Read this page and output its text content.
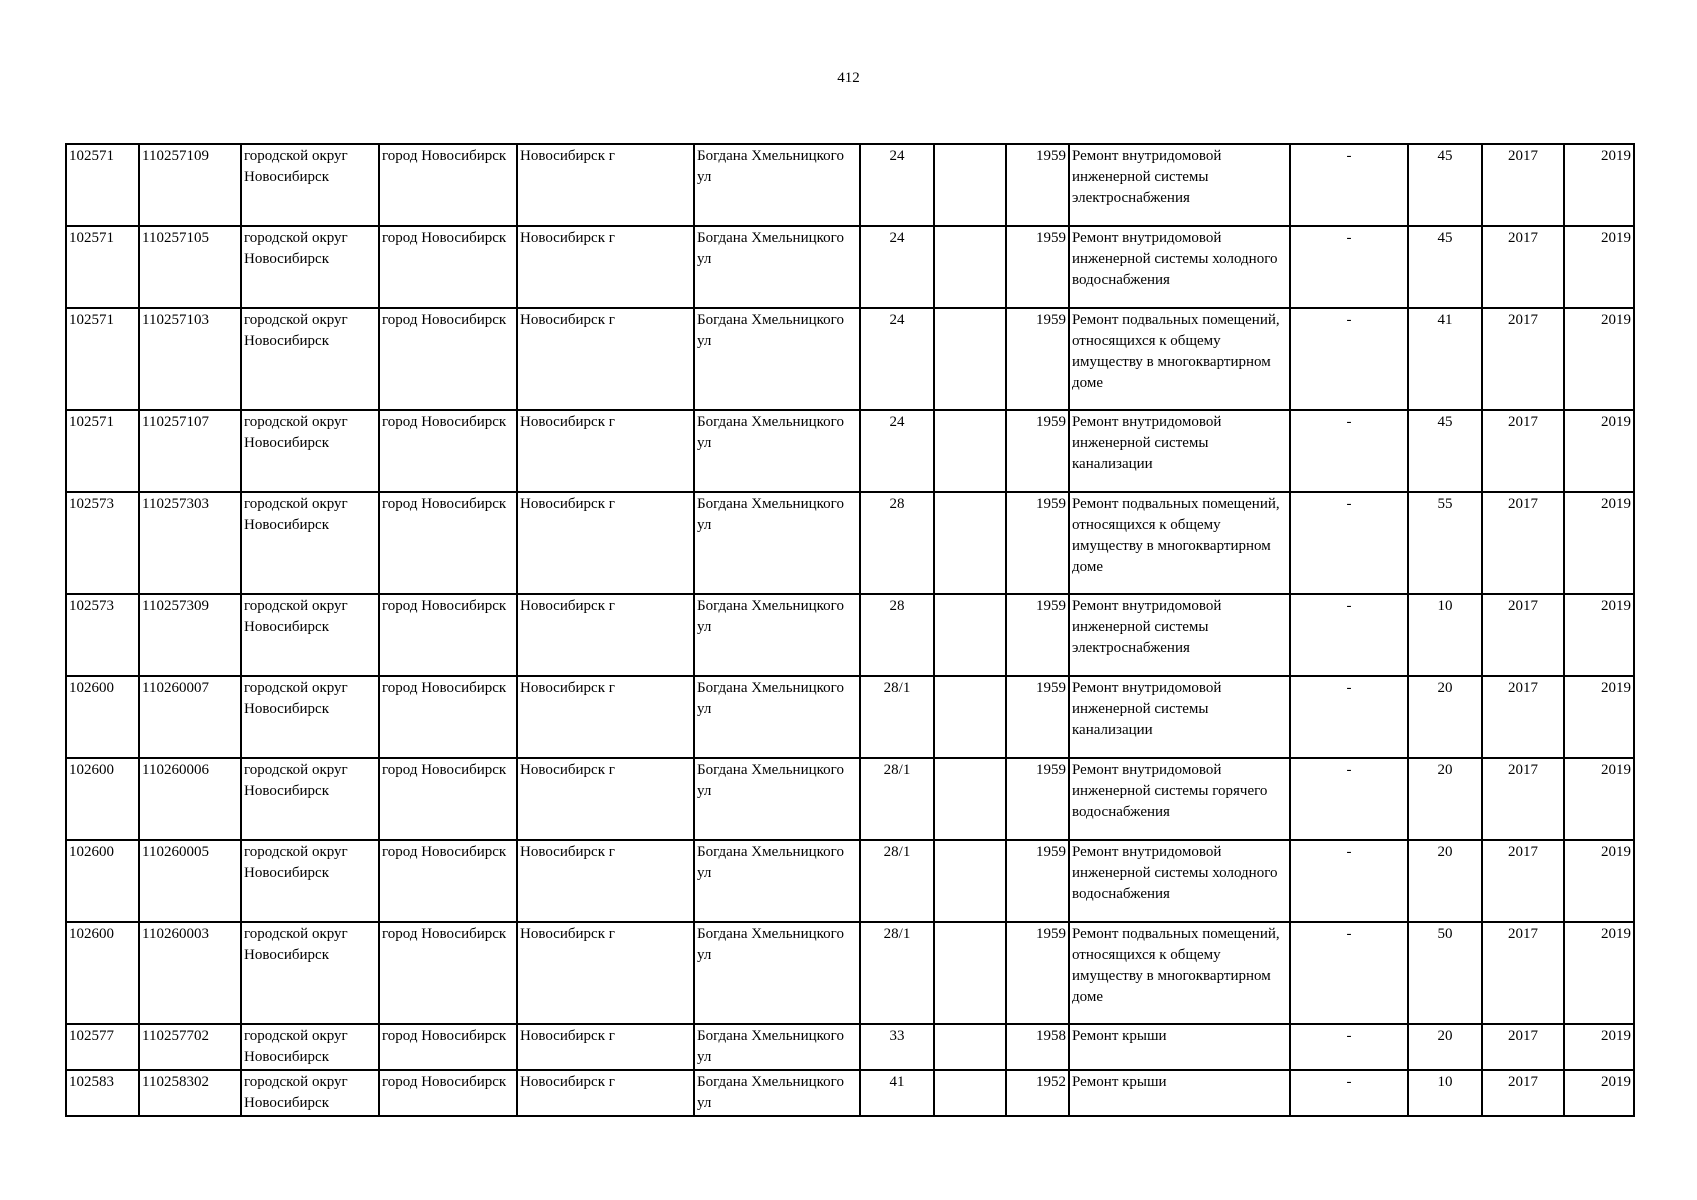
412
102571	110257109	городской округ Новосибирск	город Новосибирск	Новосибирск г	Богдана Хмельницкого ул	24		1959	Ремонт внутридомовой инженерной системы электроснабжения	-	45	2017	2019
102571	110257105	городской округ Новосибирск	город Новосибирск	Новосибирск г	Богдана Хмельницкого ул	24		1959	Ремонт внутридомовой инженерной системы холодного водоснабжения	-	45	2017	2019
102571	110257103	городской округ Новосибирск	город Новосибирск	Новосибирск г	Богдана Хмельницкого ул	24		1959	Ремонт подвальных помещений, относящихся к общему имуществу в многоквартирном доме	-	41	2017	2019
102571	110257107	городской округ Новосибирск	город Новосибирск	Новосибирск г	Богдана Хмельницкого ул	24		1959	Ремонт внутридомовой инженерной системы канализации	-	45	2017	2019
102573	110257303	городской округ Новосибирск	город Новосибирск	Новосибирск г	Богдана Хмельницкого ул	28		1959	Ремонт подвальных помещений, относящихся к общему имуществу в многоквартирном доме	-	55	2017	2019
102573	110257309	городской округ Новосибирск	город Новосибирск	Новосибирск г	Богдана Хмельницкого ул	28		1959	Ремонт внутридомовой инженерной системы электроснабжения	-	10	2017	2019
102600	110260007	городской округ Новосибирск	город Новосибирск	Новосибирск г	Богдана Хмельницкого ул	28/1		1959	Ремонт внутридомовой инженерной системы канализации	-	20	2017	2019
102600	110260006	городской округ Новосибирск	город Новосибирск	Новосибирск г	Богдана Хмельницкого ул	28/1		1959	Ремонт внутридомовой инженерной системы горячего водоснабжения	-	20	2017	2019
102600	110260005	городской округ Новосибирск	город Новосибирск	Новосибирск г	Богдана Хмельницкого ул	28/1		1959	Ремонт внутридомовой инженерной системы холодного водоснабжения	-	20	2017	2019
102600	110260003	городской округ Новосибирск	город Новосибирск	Новосибирск г	Богдана Хмельницкого ул	28/1		1959	Ремонт подвальных помещений, относящихся к общему имуществу в многоквартирном доме	-	50	2017	2019
102577	110257702	городской округ Новосибирск	город Новосибирск	Новосибирск г	Богдана Хмельницкого ул	33		1958	Ремонт крыши	-	20	2017	2019
102583	110258302	городской округ Новосибирск	город Новосибирск	Новосибирск г	Богдана Хмельницкого ул	41		1952	Ремонт крыши	-	10	2017	2019
